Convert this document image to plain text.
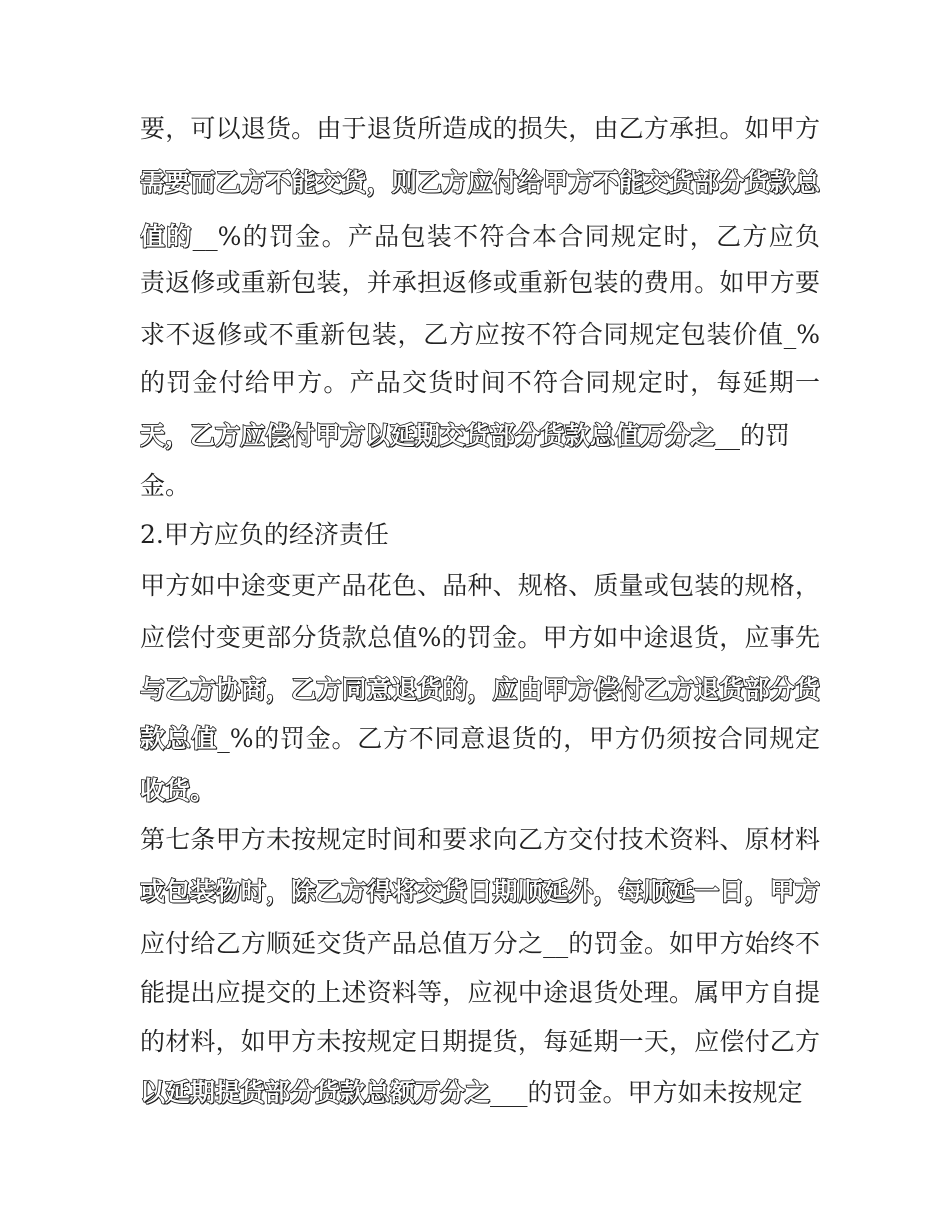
要，可以退货。由于退货所造成的损失，由乙方承担。如甲方
需要而乙方不能交货，则乙方应付给甲方不能交货部分货款总
值的__%的罚金。产品包装不符合本合同规定时，乙方应负
责返修或重新包装，并承担返修或重新包装的费用。如甲方要
求不返修或不重新包装，乙方应按不符合同规定包装价值_%
的罚金付给甲方。产品交货时间不符合同规定时，每延期一
天，乙方应偿付甲方以延期交货部分货款总值万分之__的罚
金。
2.甲方应负的经济责任
甲方如中途变更产品花色、品种、规格、质量或包装的规格，
应偿付变更部分货款总值%的罚金。甲方如中途退货，应事先
与乙方协商，乙方同意退货的，应由甲方偿付乙方退货部分货
款总值_%的罚金。乙方不同意退货的，甲方仍须按合同规定
收货。
第七条甲方未按规定时间和要求向乙方交付技术资料、原材料
或包装物时，除乙方得将交货日期顺延外，每顺延一日，甲方
应付给乙方顺延交货产品总值万分之__的罚金。如甲方始终不
能提出应提交的上述资料等，应视中途退货处理。属甲方自提
的材料，如甲方未按规定日期提货，每延期一天，应偿付乙方
以延期提货部分货款总额万分之___的罚金。甲方如未按规定
